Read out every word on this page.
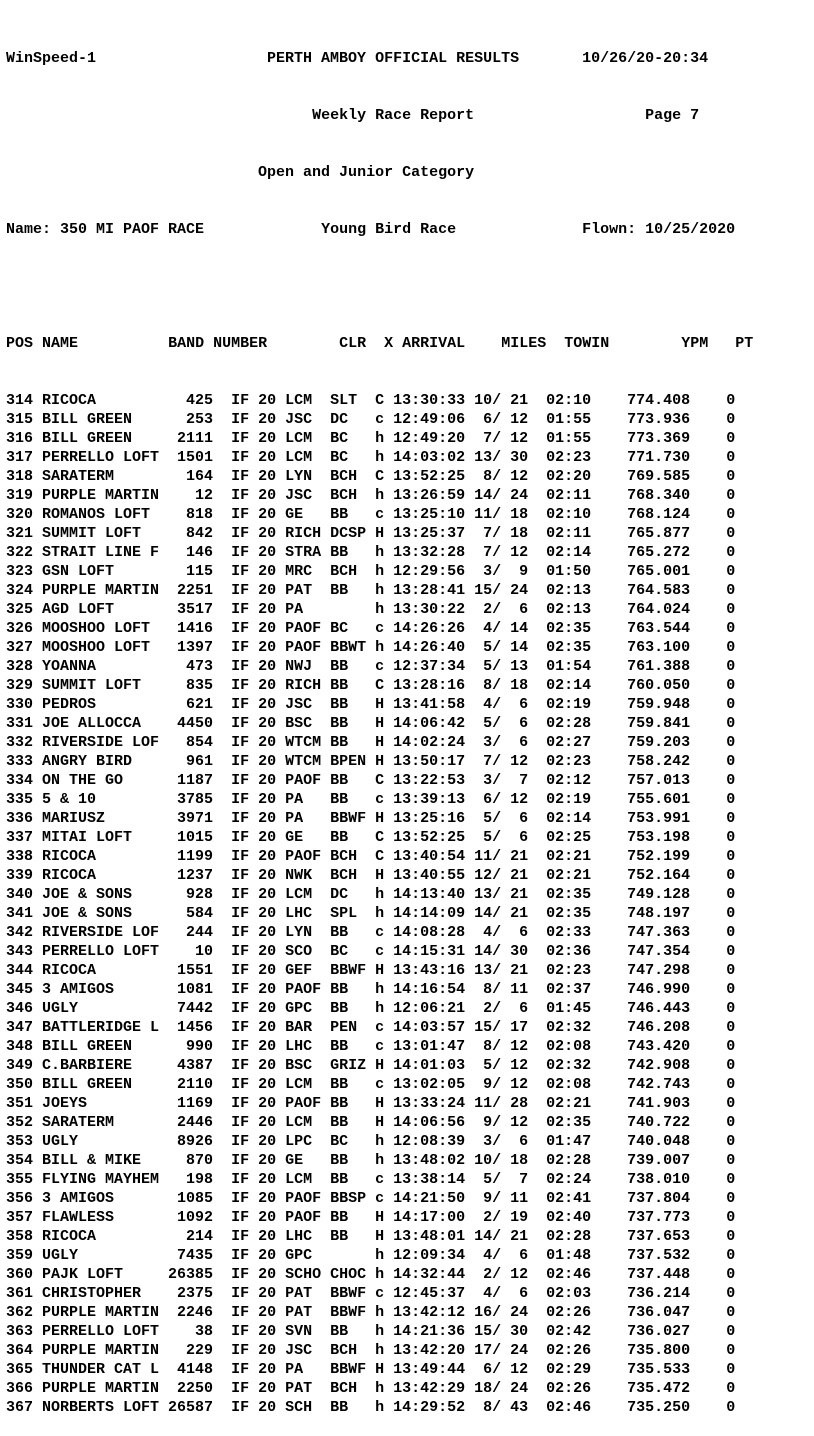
WinSpeed-1	PERTH AMBOY OFFICIAL RESULTS	10/26/20-20:34

Weekly Race Report	Page 7

Open and Junior Category

Name: 350 MI PAOF RACE	Young Bird Race	Flown: 10/25/2020

POS NAME	BAND NUMBER	CLR X ARRIVAL MILES TOWIN	YPM PT

314 RICOCA          425  IF 20 LCM  SLT  C 13:30:33 10/ 21  02:10    774.408    0
315 BILL GREEN      253  IF 20 JSC  DC   c 12:49:06  6/ 12  01:55    773.936    0
316 BILL GREEN     2111  IF 20 LCM  BC   h 12:49:20  7/ 12  01:55    773.369    0
317 PERRELLO LOFT  1501  IF 20 LCM  BC   h 14:03:02 13/ 30  02:23    771.730    0
318 SARATERM        164  IF 20 LYN  BCH  C 13:52:25  8/ 12  02:20    769.585    0
319 PURPLE MARTIN    12  IF 20 JSC  BCH  h 13:26:59 14/ 24  02:11    768.340    0
320 ROMANOS LOFT    818  IF 20 GE   BB   c 13:25:10 11/ 18  02:10    768.124    0
321 SUMMIT LOFT     842  IF 20 RICH DCSP H 13:25:37  7/ 18  02:11    765.877    0
322 STRAIT LINE F   146  IF 20 STRA BB   h 13:32:28  7/ 12  02:14    765.272    0
323 GSN LOFT        115  IF 20 MRC  BCH  h 12:29:56  3/  9  01:50    765.001    0
324 PURPLE MARTIN  2251  IF 20 PAT  BB   h 13:28:41 15/ 24  02:13    764.583    0
325 AGD LOFT       3517  IF 20 PA	h 13:30:22  2/  6  02:13    764.024    0
326 MOOSHOO LOFT   1416  IF 20 PAOF BC   c 14:26:26  4/ 14  02:35    763.544    0
327 MOOSHOO LOFT   1397  IF 20 PAOF BBWT h 14:26:40  5/ 14  02:35    763.100    0
328 YOANNA          473  IF 20 NWJ  BB   c 12:37:34  5/ 13  01:54    761.388    0
329 SUMMIT LOFT     835  IF 20 RICH BB   C 13:28:16  8/ 18  02:14    760.050    0
330 PEDROS          621  IF 20 JSC  BB   H 13:41:58  4/  6  02:19    759.948    0
331 JOE ALLOCCA    4450  IF 20 BSC  BB   H 14:06:42  5/  6  02:28    759.841    0
332 RIVERSIDE LOF   854  IF 20 WTCM BB   H 14:02:24  3/  6  02:27    759.203    0
333 ANGRY BIRD      961  IF 20 WTCM BPEN H 13:50:17  7/ 12  02:23    758.242    0
334 ON THE GO      1187  IF 20 PAOF BB   C 13:22:53  3/  7  02:12    757.013    0
335 5 & 10         3785  IF 20 PA   BB   c 13:39:13  6/ 12  02:19    755.601    0
336 MARIUSZ        3971  IF 20 PA   BBWF H 13:25:16  5/  6  02:14    753.991    0
337 MITAI LOFT     1015  IF 20 GE   BB   C 13:52:25  5/  6  02:25    753.198    0
338 RICOCA         1199  IF 20 PAOF BCH  C 13:40:54 11/ 21  02:21    752.199    0
339 RICOCA         1237  IF 20 NWK  BCH  H 13:40:55 12/ 21  02:21    752.164    0
340 JOE & SONS      928  IF 20 LCM  DC   h 14:13:40 13/ 21  02:35    749.128    0
341 JOE & SONS      584  IF 20 LHC  SPL  h 14:14:09 14/ 21  02:35    748.197    0
342 RIVERSIDE LOF   244  IF 20 LYN  BB   c 14:08:28  4/  6  02:33    747.363    0
343 PERRELLO LOFT    10  IF 20 SCO  BC   c 14:15:31 14/ 30  02:36    747.354    0
344 RICOCA         1551  IF 20 GEF  BBWF H 13:43:16 13/ 21  02:23    747.298    0
345 3 AMIGOS       1081  IF 20 PAOF BB   h 14:16:54  8/ 11  02:37    746.990    0
346 UGLY           7442  IF 20 GPC  BB   h 12:06:21  2/  6  01:45    746.443    0
347 BATTLERIDGE L  1456  IF 20 BAR  PEN  c 14:03:57 15/ 17  02:32    746.208    0
348 BILL GREEN      990  IF 20 LHC  BB   c 13:01:47  8/ 12  02:08    743.420    0
349 C.BARBIERE     4387  IF 20 BSC  GRIZ H 14:01:03  5/ 12  02:32    742.908    0
350 BILL GREEN     2110  IF 20 LCM  BB   c 13:02:05  9/ 12  02:08    742.743    0
351 JOEYS          1169  IF 20 PAOF BB   H 13:33:24 11/ 28  02:21    741.903    0
352 SARATERM       2446  IF 20 LCM  BB   H 14:06:56  9/ 12  02:35    740.722    0
353 UGLY           8926  IF 20 LPC  BC   h 12:08:39  3/  6  01:47    740.048    0
354 BILL & MIKE     870  IF 20 GE   BB   h 13:48:02 10/ 18  02:28    739.007    0
355 FLYING MAYHEM   198  IF 20 LCM  BB   c 13:38:14  5/  7  02:24    738.010    0
356 3 AMIGOS       1085  IF 20 PAOF BBSP c 14:21:50  9/ 11  02:41    737.804    0
357 FLAWLESS       1092  IF 20 PAOF BB   H 14:17:00  2/ 19  02:40    737.773    0
358 RICOCA          214  IF 20 LHC  BB   H 13:48:01 14/ 21  02:28    737.653    0
359 UGLY           7435  IF 20 GPC	h 12:09:34  4/  6  01:48    737.532    0
360 PAJK LOFT     26385  IF 20 SCHO CHOC h 14:32:44  2/ 12  02:46    737.448    0
361 CHRISTOPHER    2375  IF 20 PAT  BBWF c 12:45:37  4/  6  02:03    736.214    0
362 PURPLE MARTIN  2246  IF 20 PAT  BBWF h 13:42:12 16/ 24  02:26    736.047    0
363 PERRELLO LOFT    38  IF 20 SVN  BB   h 14:21:36 15/ 30  02:42    736.027    0
364 PURPLE MARTIN   229  IF 20 JSC  BCH  h 13:42:20 17/ 24  02:26    735.800    0
365 THUNDER CAT L  4148  IF 20 PA   BBWF H 13:49:44  6/ 12  02:29    735.533    0
366 PURPLE MARTIN  2250  IF 20 PAT  BCH  h 13:42:29 18/ 24  02:26    735.472    0
367 NORBERTS LOFT 26587  IF 20 SCH  BB   h 14:29:52  8/ 43  02:46    735.250    0
